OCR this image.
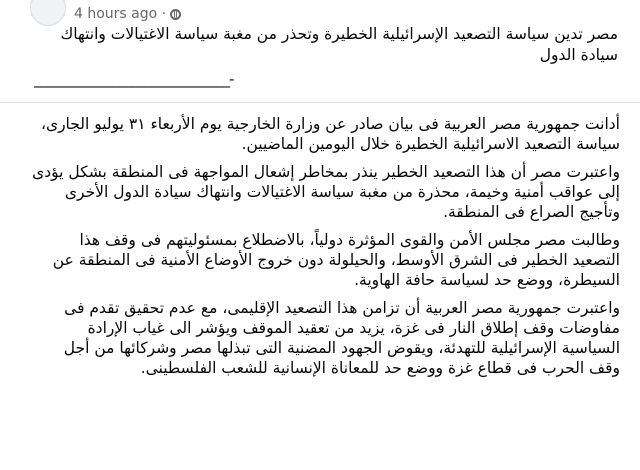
4 hours ago ·
مصر تدين سياسة التصعيد الإسرائيلية الخطيرة وتحذر من مغبة سياسة الاغتيالات وانتهاك سيادة الدول
______________________________-

أدانت جمهورية مصر العربية فى بيان صادر عن وزارة الخارجية يوم الأربعاء ٣١ يوليو الجارى، سياسة التصعيد الاسرائيلية الخطيرة خلال اليومين الماضيين.

واعتبرت مصر أن هذا التصعيد الخطير ينذر بمخاطر إشعال المواجهة فى المنطقة بشكل يؤدى إلى عواقب أمنية وخيمة، محذرة من مغبة سياسة الاغتيالات وانتهاك سيادة الدول الأخرى وتأجيج الصراع فى المنطقة.

وطالبت مصر مجلس الأمن والقوى المؤثرة دولياً، بالاضطلاع بمسئوليتهم فى وقف هذا التصعيد الخطير فى الشرق الأوسط، والحيلولة دون خروج الأوضاع الأمنية فى المنطقة عن السيطرة، ووضع حد لسياسة حافة الهاوية.

واعتبرت جمهورية مصر العربية أن تزامن هذا التصعيد الإقليمى، مع عدم تحقيق تقدم فى مفاوضات وقف إطلاق النار فى غزة، يزيد من تعقيد الموقف ويؤشر الى غياب الإرادة السياسية الإسرائيلية للتهدئة، ويقوض الجهود المضنية التى تبذلها مصر وشركائها من أجل وقف الحرب فى قطاع غزة ووضع حد للمعاناة الإنسانية للشعب الفلسطينى.
